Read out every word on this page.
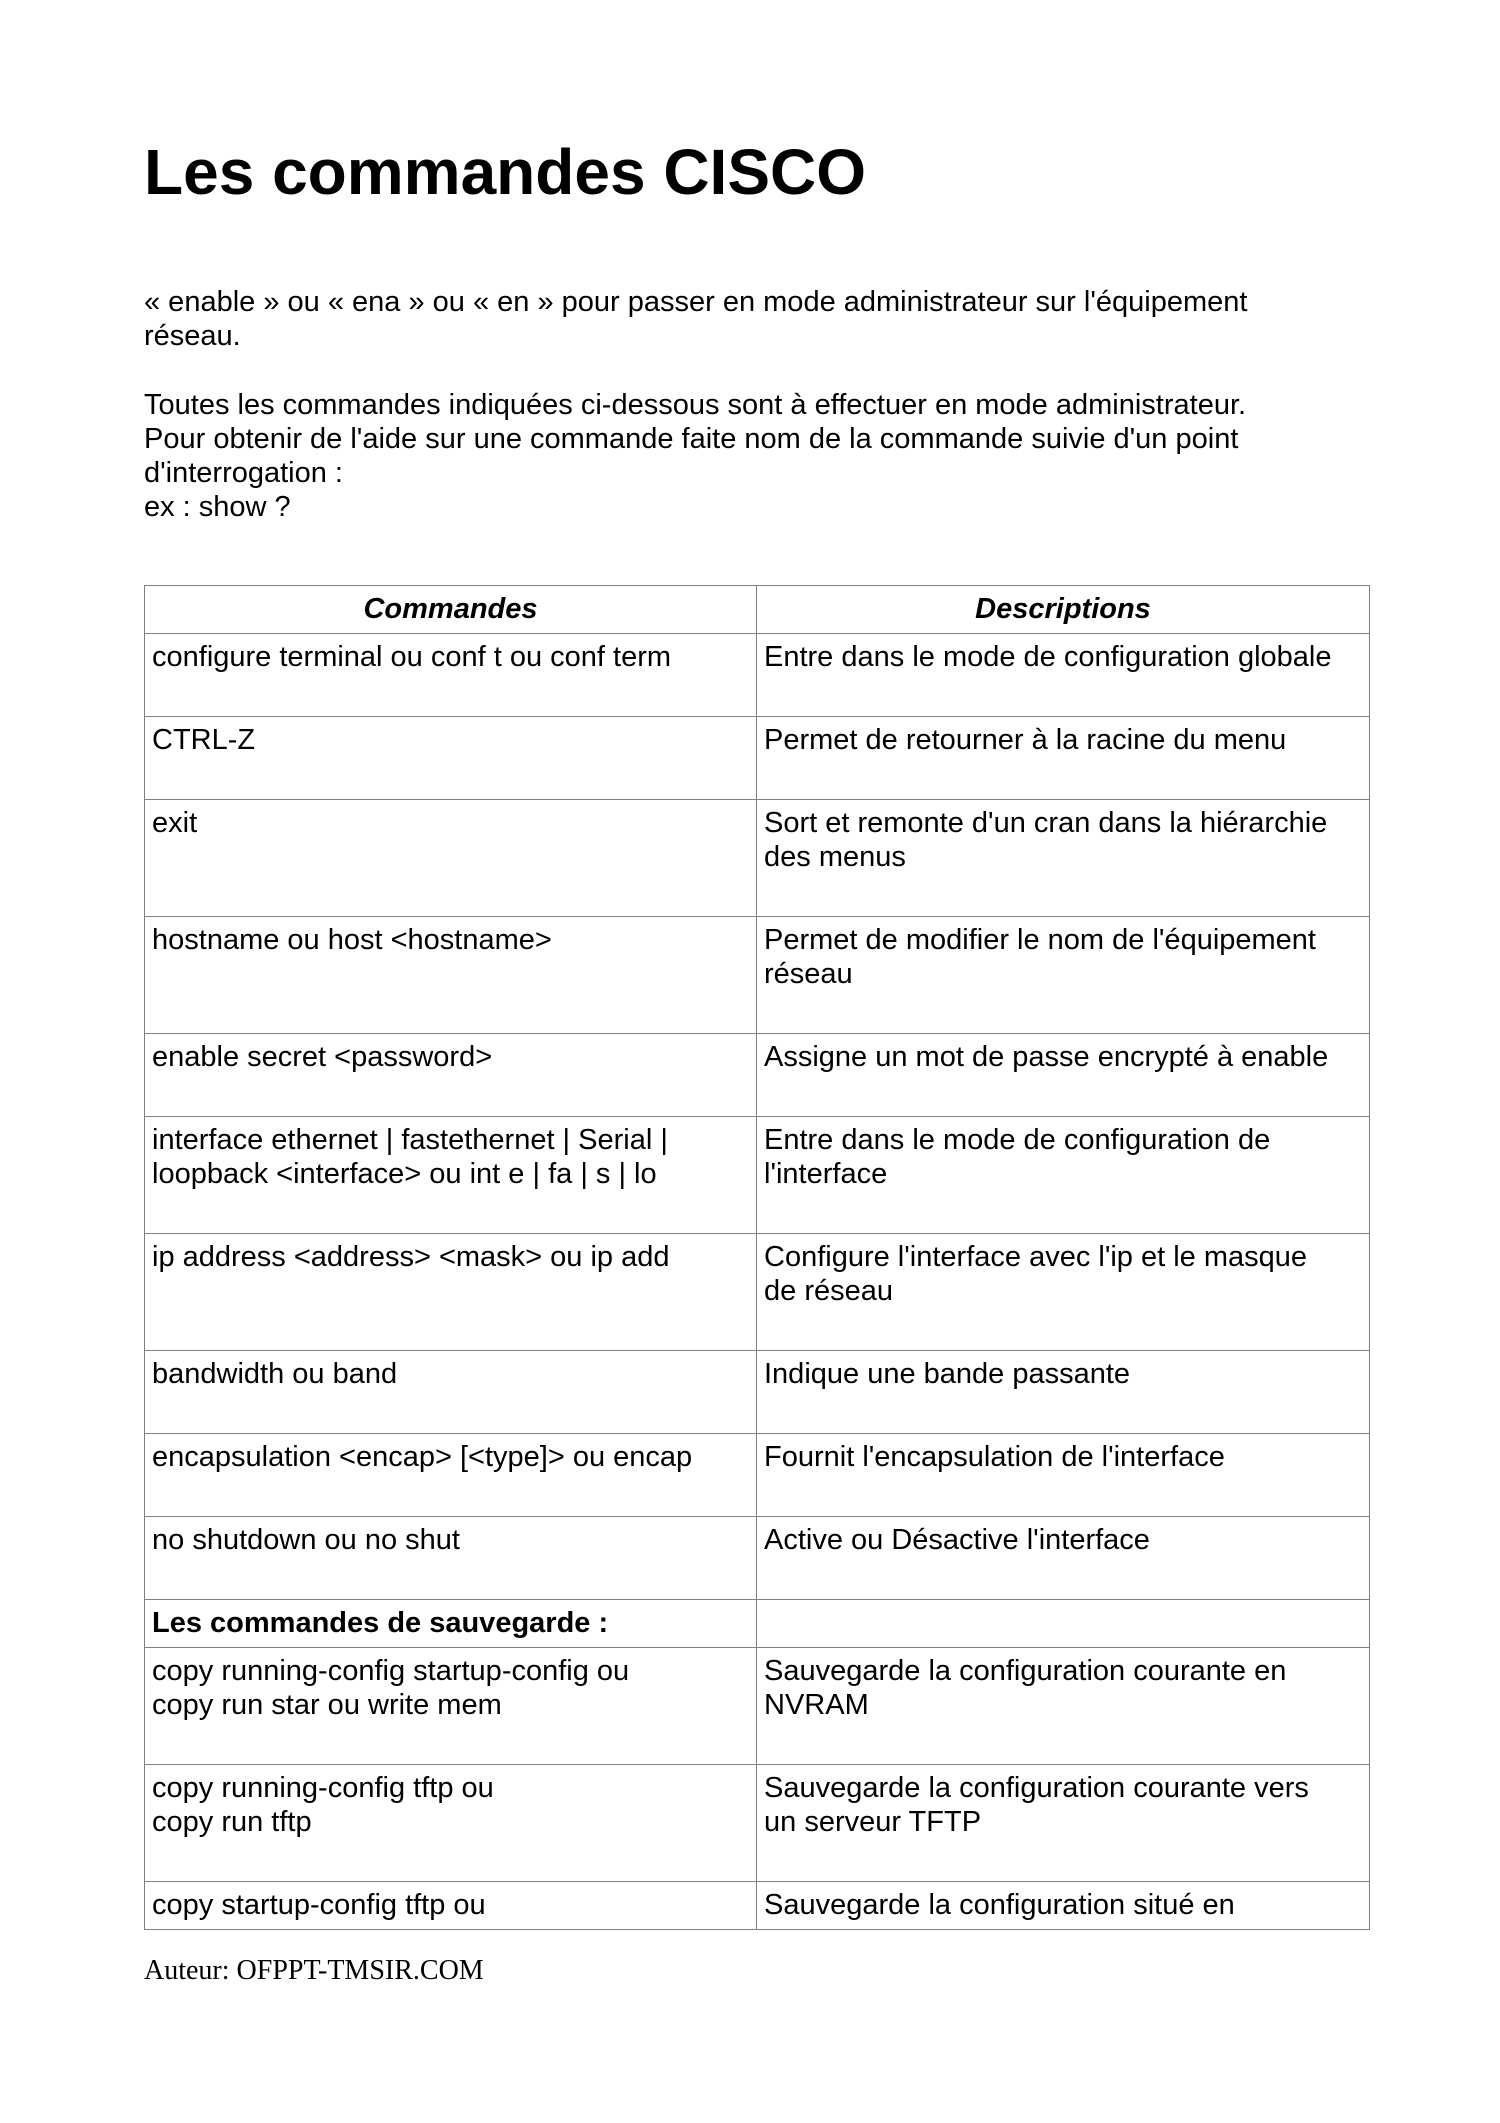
Les commandes CISCO

« enable » ou « ena » ou « en » pour passer en mode administrateur sur l'équipement

réseau.

Toutes les commandes indiquées ci-dessous sont à effectuer en mode administrateur.

Pour obtenir de l'aide sur une commande faite nom de la commande suivie d'un point

d'interrogation :

ex : show ?

Commandes	Descriptions

configure terminal ou conf t ou conf term	Entre dans le mode de configuration globale

CTRL-Z	Permet de retourner à la racine du menu

exit	Sort et remonte d'un cran dans la hiérarchie
des menus

hostname ou host <hostname>	Permet de modifier le nom de l'équipement
réseau

enable secret <password>	Assigne un mot de passe encrypté à enable

interface ethernet | fastethernet | Serial |
loopback <interface> ou int e | fa | s | lo	Entre dans le mode de configuration de
l'interface

ip address <address> <mask> ou ip add	Configure l'interface avec l'ip et le masque
de réseau

bandwidth ou band	Indique une bande passante

encapsulation <encap> [<type]> ou encap	Fournit l'encapsulation de l'interface

no shutdown ou no shut	Active ou Désactive l'interface

Les commandes de sauvegarde :	

copy running-config startup-config ou
copy run star ou write mem	Sauvegarde la configuration courante en
NVRAM

copy running-config tftp ou
copy run tftp	Sauvegarde la configuration courante vers
un serveur TFTP

copy startup-config tftp ou	Sauvegarde la configuration situé en
Auteur: OFPPT-TMSIR.COM
